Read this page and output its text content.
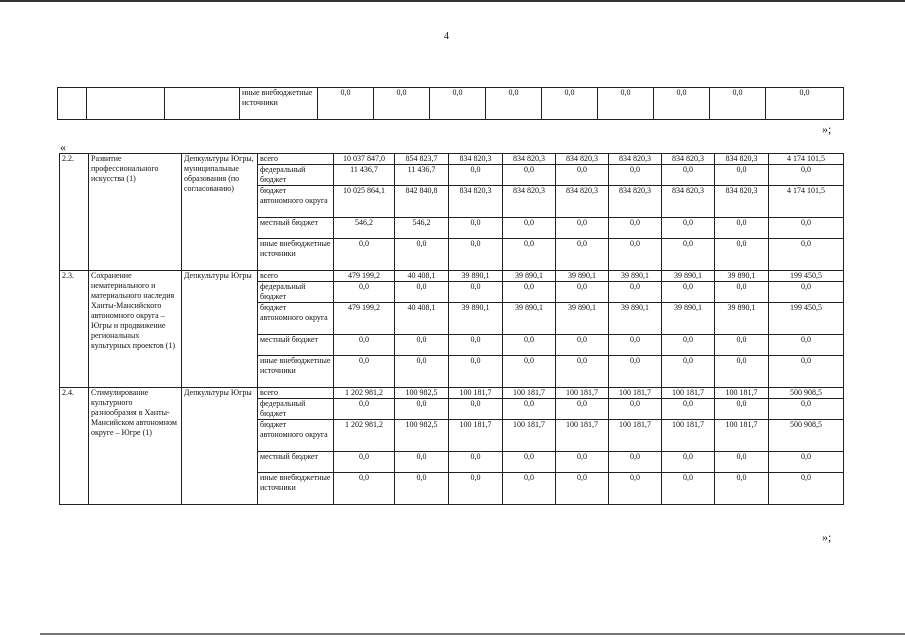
4
			иные внебюджетные источники	0,0	0,0	0,0	0,0	0,0	0,0	0,0	0,0	0,0
»;
«
2.2.	Развитие профессионального искусства (1)	Депкультуры Югры, муниципальные образования (по согласованию)	всего	10 037 847,0	854 823,7	834 820,3	834 820,3	834 820,3	834 820,3	834 820,3	834 820,3	4 174 101,5
			федеральный бюджет	11 436,7	11 436,7	0,0	0,0	0,0	0,0	0,0	0,0	0,0
			бюджет автономного округа	10 025 864,1	842 840,8	834 820,3	834 820,3	834 820,3	834 820,3	834 820,3	834 820,3	4 174 101,5
			местный бюджет	546,2	546,2	0,0	0,0	0,0	0,0	0,0	0,0	0,0
			иные внебюджетные источники	0,0	0,0	0,0	0,0	0,0	0,0	0,0	0,0	0,0
2.3.	Сохранение нематериального и материального наследия Ханты-Мансийского автономного округа – Югры и продвижение региональных культурных проектов (1)	Депкультуры Югры	всего	479 199,2	40 408,1	39 890,1	39 890,1	39 890,1	39 890,1	39 890,1	39 890,1	199 450,5
			федеральный бюджет	0,0	0,0	0,0	0,0	0,0	0,0	0,0	0,0	0,0
			бюджет автономного округа	479 199,2	40 408,1	39 890,1	39 890,1	39 890,1	39 890,1	39 890,1	39 890,1	199 450,5
			местный бюджет	0,0	0,0	0,0	0,0	0,0	0,0	0,0	0,0	0,0
			иные внебюджетные источники	0,0	0,0	0,0	0,0	0,0	0,0	0,0	0,0	0,0
2.4.	Стимулирование культурного разнообразия в Ханты-Мансийском автономном округе – Югре (1)	Депкультуры Югры	всего	1 202 981,2	100 982,5	100 181,7	100 181,7	100 181,7	100 181,7	100 181,7	100 181,7	500 908,5
			федеральный бюджет	0,0	0,0	0,0	0,0	0,0	0,0	0,0	0,0	0,0
			бюджет автономного округа	1 202 981,2	100 982,5	100 181,7	100 181,7	100 181,7	100 181,7	100 181,7	100 181,7	500 908,5
			местный бюджет	0,0	0,0	0,0	0,0	0,0	0,0	0,0	0,0	0,0
			иные внебюджетные источники	0,0	0,0	0,0	0,0	0,0	0,0	0,0	0,0	0,0
»;
